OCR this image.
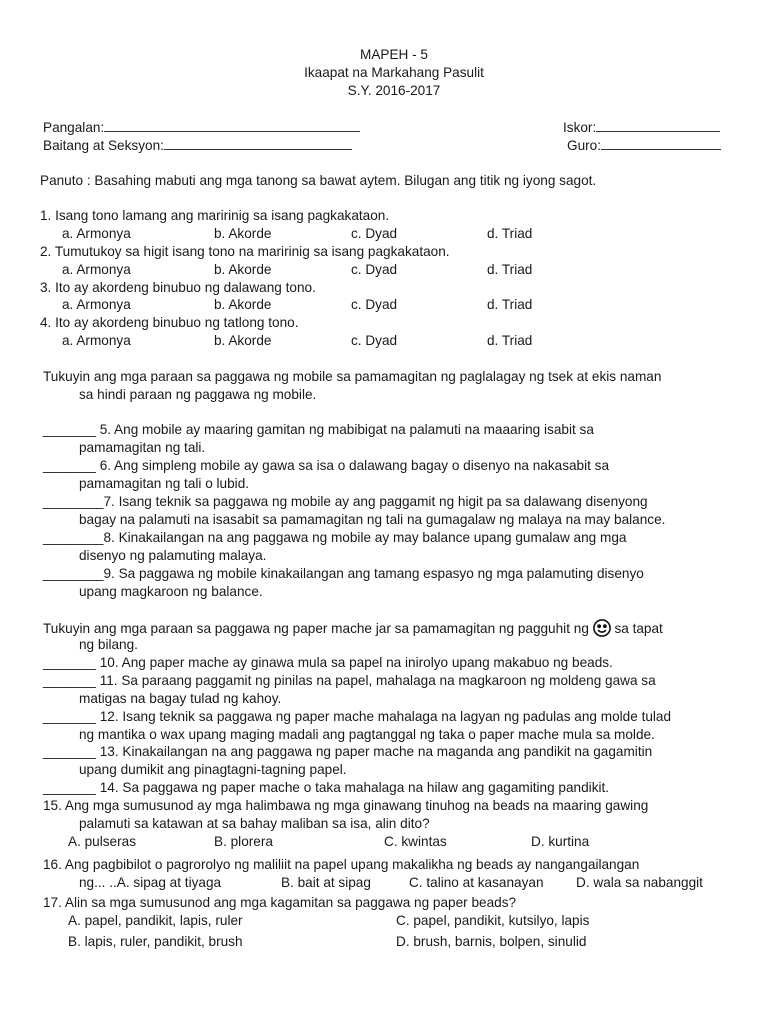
MAPEH - 5
Ikaapat na Markahang Pasulit
S.Y. 2016-2017
Pangalan:
Baitang at Seksyon:
Iskor:
Guro:
Panuto : Basahing mabuti ang mga tanong sa bawat aytem. Bilugan ang titik ng iyong sagot.
1. Isang tono lamang ang maririnig sa isang pagkakataon.
a. Armonya	b. Akorde	c. Dyad	d. Triad
2. Tumutukoy sa higit isang tono na maririnig sa isang pagkakataon.
a. Armonya	b. Akorde	c. Dyad	d. Triad
3. Ito ay akordeng binubuo ng dalawang tono.
a. Armonya	b. Akorde	c. Dyad	d. Triad
4. Ito ay akordeng binubuo ng tatlong tono.
a. Armonya	b. Akorde	c. Dyad	d. Triad
Tukuyin ang mga paraan sa paggawa ng mobile sa pamamagitan ng paglalagay ng tsek at ekis naman
sa hindi paraan ng paggawa ng mobile.
_______ 5. Ang mobile ay maaring gamitan ng mabibigat na palamuti na maaaring isabit sa
pamamagitan ng tali.
_______ 6. Ang simpleng mobile ay gawa sa isa o dalawang bagay o disenyo na nakasabit sa
pamamagitan ng tali o lubid.
________7. Isang teknik sa paggawa ng mobile ay ang paggamit ng higit pa sa dalawang disenyong
bagay na palamuti na isasabit sa pamamagitan ng tali na gumagalaw ng malaya na may balance.
________8. Kinakailangan na ang paggawa ng mobile ay may balance upang gumalaw ang mga
disenyo ng palamuting malaya.
________9. Sa paggawa ng mobile kinakailangan ang tamang espasyo ng mga palamuting disenyo
upang magkaroon ng balance.
Tukuyin ang mga paraan sa paggawa ng paper mache jar sa pamamagitan ng pagguhit ng sa tapat
ng bilang.
_______ 10. Ang paper mache ay ginawa mula sa papel na inirolyo upang makabuo ng beads.
_______ 11. Sa paraang paggamit ng pinilas na papel, mahalaga na magkaroon ng moldeng gawa sa
matigas na bagay tulad ng kahoy.
_______ 12. Isang teknik sa paggawa ng paper mache mahalaga na lagyan ng padulas ang molde tulad
ng mantika o wax upang maging madali ang pagtanggal ng taka o paper mache mula sa molde.
_______ 13. Kinakailangan na ang paggawa ng paper mache na maganda ang pandikit na gagamitin
upang dumikit ang pinagtagni-tagning papel.
_______ 14. Sa paggawa ng paper mache o taka mahalaga na hilaw ang gagamiting pandikit.
15. Ang mga sumusunod ay mga halimbawa ng mga ginawang tinuhog na beads na maaring gawing
palamuti sa katawan at sa bahay maliban sa isa, alin dito?
A. pulseras	B. plorera	C. kwintas	D. kurtina
16. Ang pagbibilot o pagrorolyo ng maliliit na papel upang makalikha ng beads ay nangangailangan
ng... ..A. sipag at tiyaga	B. bait at sipag	C. talino at kasanayan D. wala sa nabanggit
17. Alin sa mga sumusunod ang mga kagamitan sa paggawa ng paper beads?
A. papel, pandikit, lapis, ruler	C. papel, pandikit, kutsilyo, lapis
B. lapis, ruler, pandikit, brush	D. brush, barnis, bolpen, sinulid
